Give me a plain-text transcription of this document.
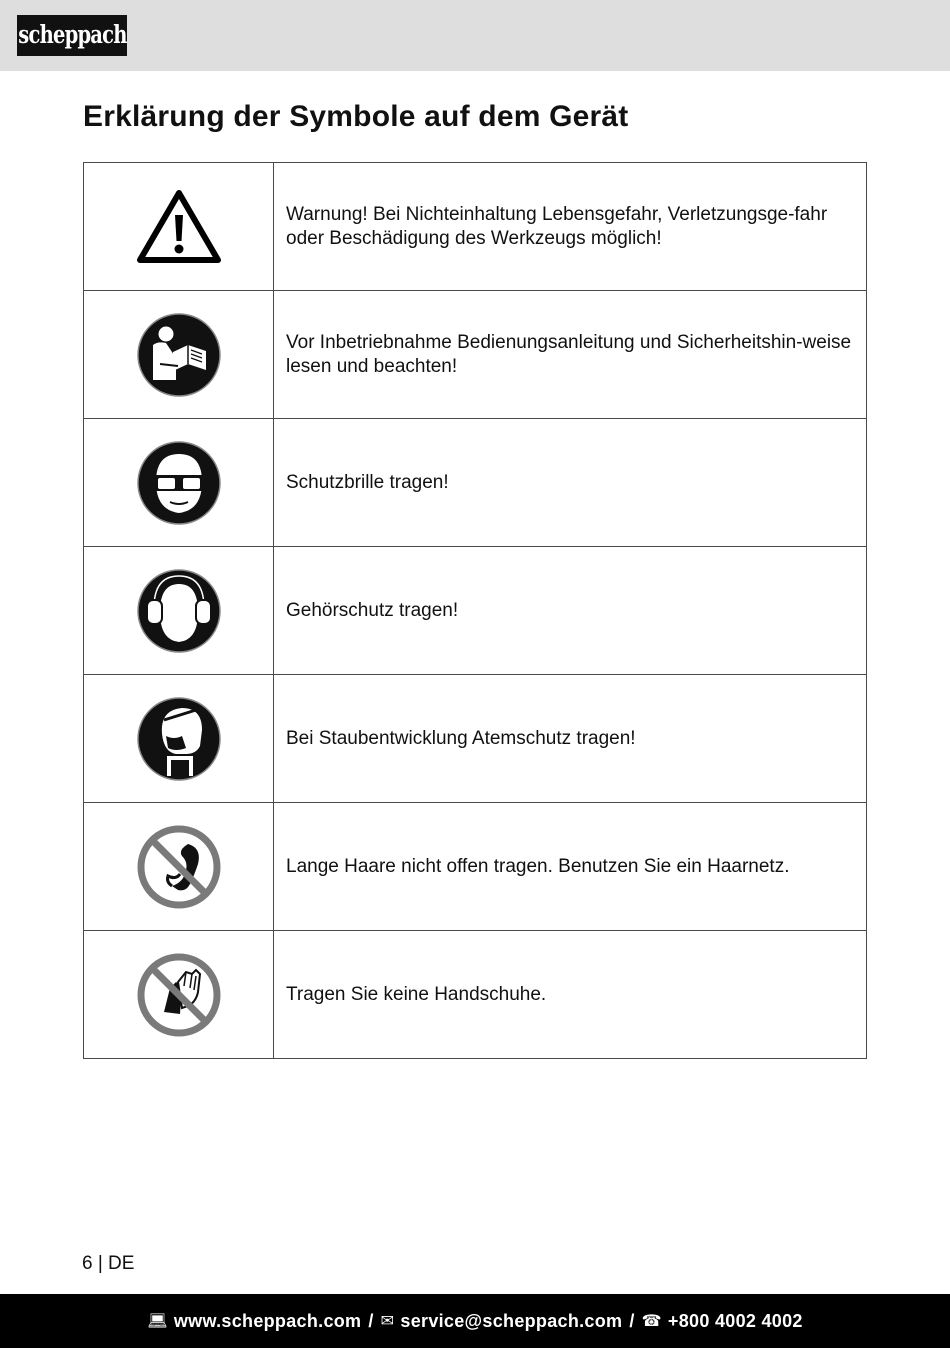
scheppach
Erklärung der Symbole auf dem Gerät
	Warnung! Bei Nichteinhaltung Lebensgefahr, Verletzungsge-fahr oder Beschädigung des Werkzeugs möglich!

	Vor Inbetriebnahme Bedienungsanleitung und Sicherheitshin-weise lesen und beachten!

	Schutzbrille tragen!

	Gehörschutz tragen!

	Bei Staubentwicklung Atemschutz tragen!

	Lange Haare nicht offen tragen. Benutzen Sie ein Haarnetz.

	Tragen Sie keine Handschuhe.
6 | DE
💻︎ www.scheppach.com / ✉︎ service@scheppach.com / ☎︎ +800 4002 4002
